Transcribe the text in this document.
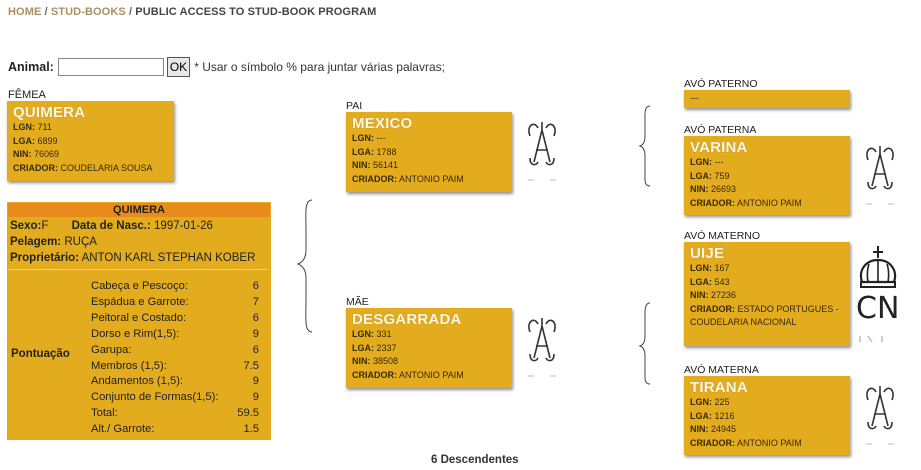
HOME / STUD-BOOKS / PUBLIC ACCESS TO STUD-BOOK PROGRAM
Animal:	OK * Usar o símbolo % para juntar várias palavras;
FÊMEA
QUIMERA
LGN: 711
LGA: 6899
NIN: 76069
CRIADOR: COUDELARIA SOUSA
QUIMERA
Sexo:F Data de Nasc.: 1997-01-26
Pelagem: RUÇA
Proprietário: ANTON KARL STEPHAN KOBER
Pontuação
Cabeça e Pescoço:	6
Espádua e Garrote:	7
Peitoral e Costado:	6
Dorso e Rim(1,5):	9
Garupa:	6
Membros (1,5):	7.5
Andamentos (1,5):	9
Conjunto de Formas(1,5):	9
Total:	59.5
Alt./ Garrote:	1.5
PAI
MEXICO
LGN: ---
LGA: 1788
NIN: 56141
CRIADOR: ANTONIO PAIM
MÃE
DESGARRADA
LGN: 331
LGA: 2337
NIN: 38508
CRIADOR: ANTONIO PAIM
AVÓ PATERNO
---
AVÓ PATERNA
VARINA
LGN: ---
LGA: 759
NIN: 26693
CRIADOR: ANTONIO PAIM
AVÓ MATERNO
UIJE
LGN: 167
LGA: 543
NIN: 27236
CRIADOR: ESTADO PORTUGUES - COUDELARIA NACIONAL	CN
AVÓ MATERNA
TIRANA
LGN: 225
LGA: 1216
NIN: 24945
CRIADOR: ANTONIO PAIM
6 Descendentes
